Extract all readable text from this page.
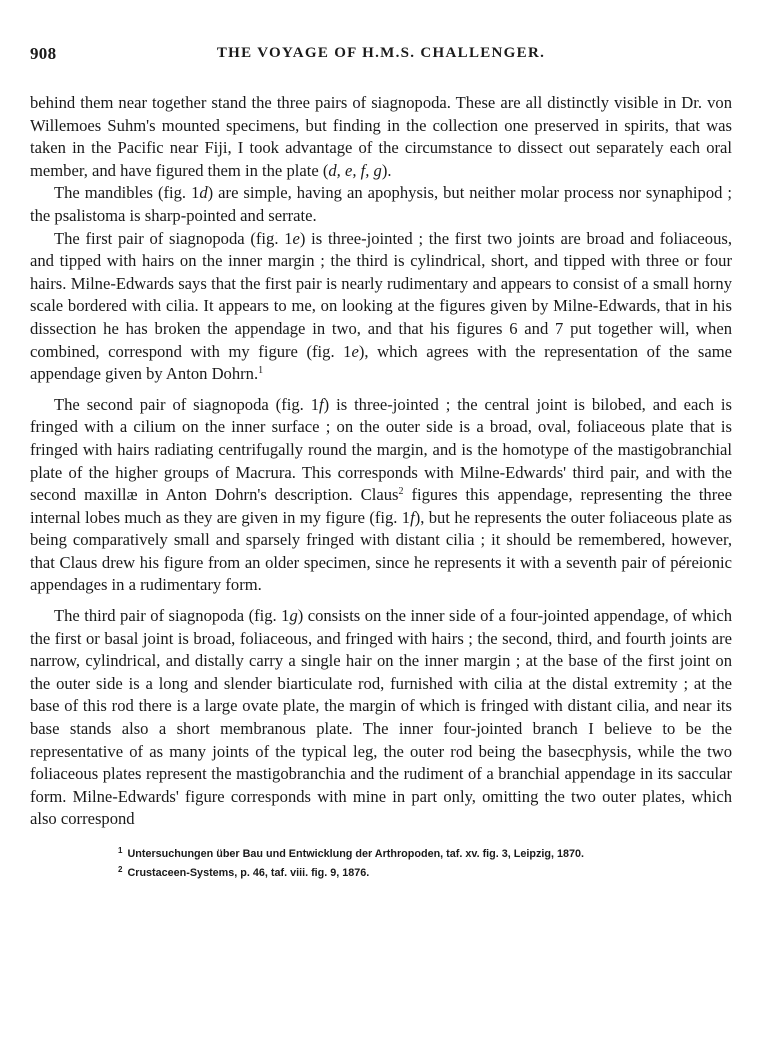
908	THE VOYAGE OF H.M.S. CHALLENGER.

behind them near together stand the three pairs of siagnopoda. These are all distinctly visible in Dr. von Willemoes Suhm's mounted specimens, but finding in the collection one preserved in spirits, that was taken in the Pacific near Fiji, I took advantage of the circumstance to dissect out separately each oral member, and have figured them in the plate (d, e, f, g).

The mandibles (fig. 1d) are simple, having an apophysis, but neither molar process nor synaphipod ; the psalistoma is sharp-pointed and serrate.

The first pair of siagnopoda (fig. 1e) is three-jointed ; the first two joints are broad and foliaceous, and tipped with hairs on the inner margin ; the third is cylindrical, short, and tipped with three or four hairs. Milne-Edwards says that the first pair is nearly rudimentary and appears to consist of a small horny scale bordered with cilia. It appears to me, on looking at the figures given by Milne-Edwards, that in his dissection he has broken the appendage in two, and that his figures 6 and 7 put together will, when combined, correspond with my figure (fig. 1e), which agrees with the representation of the same appendage given by Anton Dohrn.$^1$

The second pair of siagnopoda (fig. 1f) is three-jointed ; the central joint is bilobed, and each is fringed with a cilium on the inner surface ; on the outer side is a broad, oval, foliaceous plate that is fringed with hairs radiating centrifugally round the margin, and is the homotype of the mastigobranchial plate of the higher groups of Macrura. This corresponds with Milne-Edwards' third pair, and with the second maxillæ in Anton Dohrn's description. Claus$^2$ figures this appendage, representing the three internal lobes much as they are given in my figure (fig. 1f), but he represents the outer foliaceous plate as being comparatively small and sparsely fringed with distant cilia ; it should be remembered, however, that Claus drew his figure from an older specimen, since he represents it with a seventh pair of péreionic appendages in a rudimentary form.

The third pair of siagnopoda (fig. 1g) consists on the inner side of a four-jointed appendage, of which the first or basal joint is broad, foliaceous, and fringed with hairs ; the second, third, and fourth joints are narrow, cylindrical, and distally carry a single hair on the inner margin ; at the base of the first joint on the outer side is a long and slender biarticulate rod, furnished with cilia at the distal extremity ; at the base of this rod there is a large ovate plate, the margin of which is fringed with distant cilia, and near its base stands also a short membranous plate. The inner four-jointed branch I believe to be the representative of as many joints of the typical leg, the outer rod being the basecphysis, while the two foliaceous plates represent the mastigobranchia and the rudiment of a branchial appendage in its saccular form. Milne-Edwards' figure corresponds with mine in part only, omitting the two outer plates, which also correspond

$^1$ Untersuchungen über Bau und Entwicklung der Arthropoden, taf. xv. fig. 3, Leipzig, 1870.
$^2$ Crustaceen-Systems, p. 46, taf. viii. fig. 9, 1876.
